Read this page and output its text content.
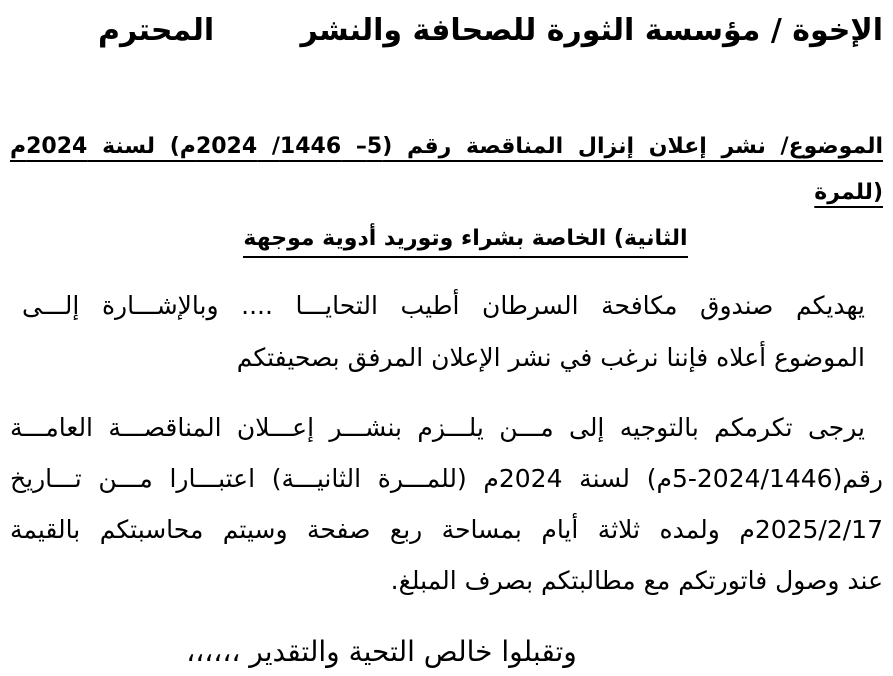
الإخوة / مؤسسة الثورة للصحافة والنشر
المحترم
الموضوع/ نشر إعلان إنزال المناقصة رقم (5– 1446/ 2024م) لسنة 2024م (للمرة
الثانية) الخاصة بشراء وتوريد أدوية موجهة
يهديكم صندوق مكافحة السرطان أطيب التحايـــا .... وبالإشـــارة إلـــى
الموضوع أعلاه فإننا نرغب في نشر الإعلان المرفق بصحيفتكم
يرجى تكرمكم بالتوجيه إلى مـــن يلـــزم بنشـــر إعـــلان المناقصـــة العامـــة
رقم(2024/1446-5م) لسنة 2024م (للمـــرة الثانيـــة) اعتبـــارا مـــن تـــاريخ
2025/2/17م ولمده ثلاثة أيام بمساحة ربع صفحة وسيتم محاسبتكم بالقيمة
عند وصول فاتورتكم مع مطالبتكم بصرف المبلغ.
وتقبلوا خالص التحية والتقدير ،،،،،،
